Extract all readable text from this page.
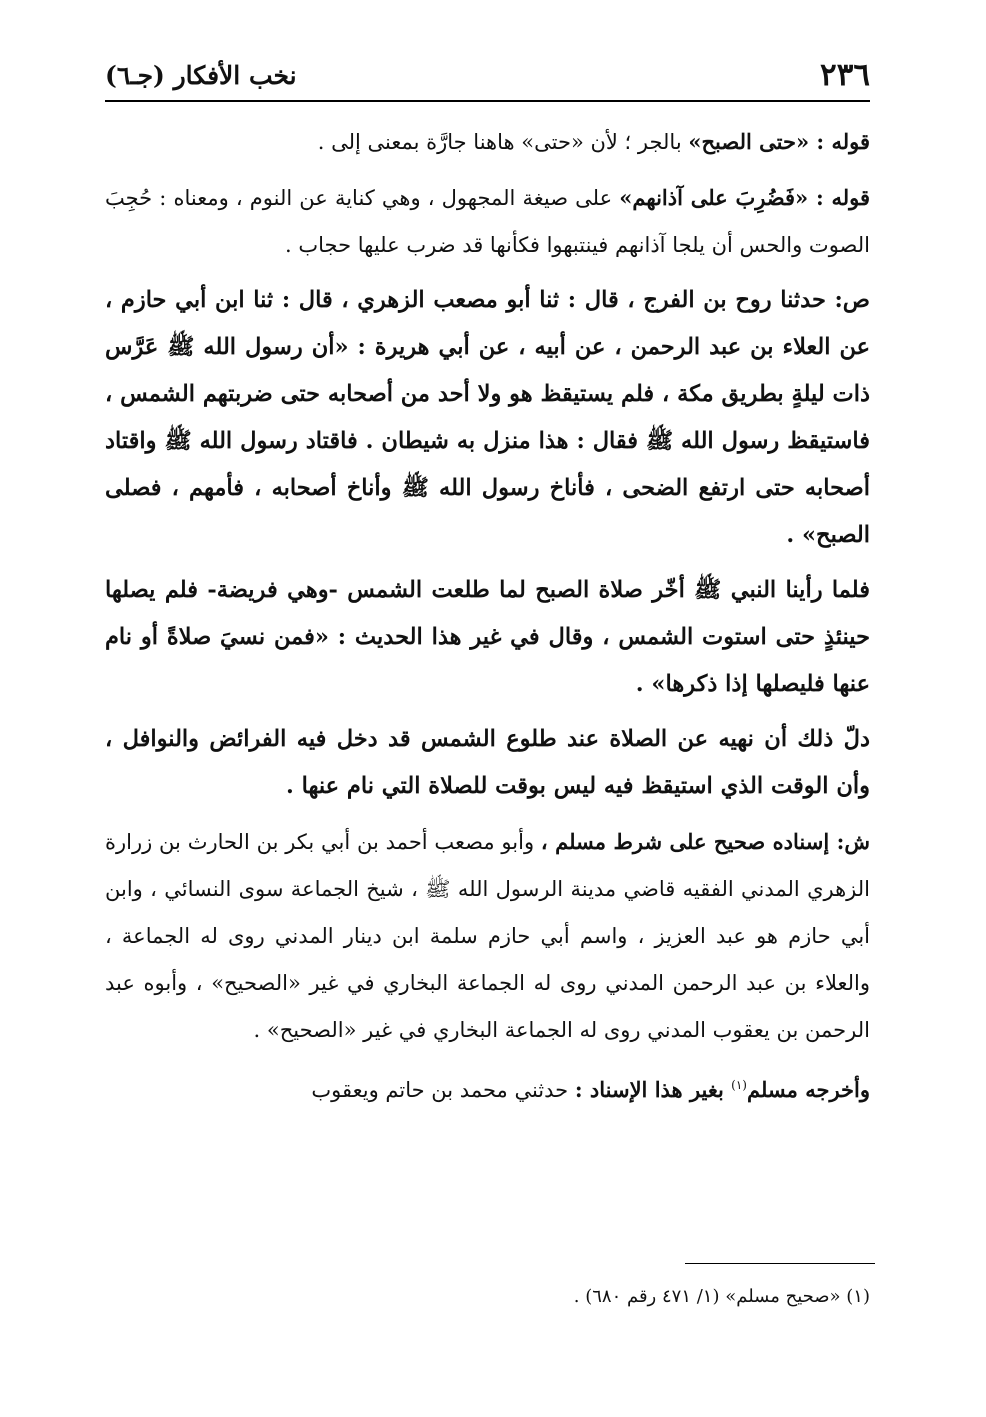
٢٣٦
نخب الأفكار (جـ٦)

قوله : «حتى الصبح» بالجر ؛ لأن «حتى» هاهنا جارَّة بمعنى إلى .

قوله : «فَضُرِبَ على آذانهم» على صيغة المجهول ، وهي كناية عن النوم ، ومعناه : حُجِبَ الصوت والحس أن يلجا آذانهم فينتبهوا فكأنها قد ضرب عليها حجاب .

ص: حدثنا روح بن الفرج ، قال : ثنا أبو مصعب الزهري ، قال : ثنا ابن أبي حازم ، عن العلاء بن عبد الرحمن ، عن أبيه ، عن أبي هريرة : «أن رسول الله ﷺ عَرَّس ذات ليلةٍ بطريق مكة ، فلم يستيقظ هو ولا أحد من أصحابه حتى ضربتهم الشمس ، فاستيقظ رسول الله ﷺ فقال : هذا منزل به شيطان . فاقتاد رسول الله ﷺ واقتاد أصحابه حتى ارتفع الضحى ، فأناخ رسول الله ﷺ وأناخ أصحابه ، فأمهم ، فصلى الصبح» .

فلما رأينا النبي ﷺ أخّر صلاة الصبح لما طلعت الشمس -وهي فريضة- فلم يصلها حينئذٍ حتى استوت الشمس ، وقال في غير هذا الحديث : «فمن نسيَ صلاةً أو نام عنها فليصلها إذا ذكرها» .

دلّ ذلك أن نهيه عن الصلاة عند طلوع الشمس قد دخل فيه الفرائض والنوافل ، وأن الوقت الذي استيقظ فيه ليس بوقت للصلاة التي نام عنها .

ش: إسناده صحيح على شرط مسلم ، وأبو مصعب أحمد بن أبي بكر بن الحارث بن زرارة الزهري المدني الفقيه قاضي مدينة الرسول الله ﷺ ، شيخ الجماعة سوى النسائي ، وابن أبي حازم هو عبد العزيز ، واسم أبي حازم سلمة ابن دينار المدني روى له الجماعة ، والعلاء بن عبد الرحمن المدني روى له الجماعة البخاري في غير «الصحيح» ، وأبوه عبد الرحمن بن يعقوب المدني روى له الجماعة البخاري في غير «الصحيح» .

وأخرجه مسلم$^{(١)}$ بغير هذا الإسناد : حدثني محمد بن حاتم ويعقوب

(١) «صحيح مسلم» (١/ ٤٧١ رقم ٦٨٠) .
